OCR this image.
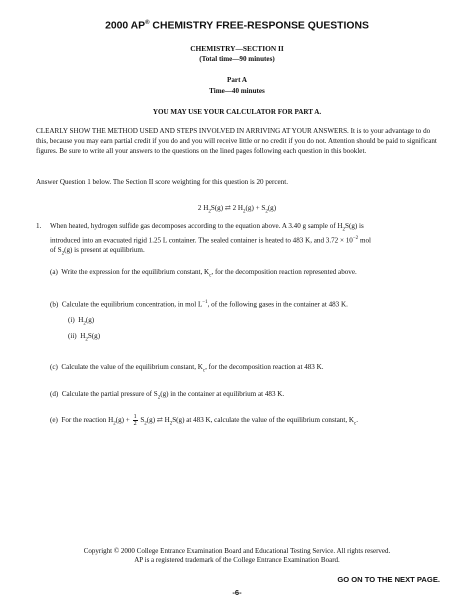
2000 AP® CHEMISTRY FREE-RESPONSE QUESTIONS
CHEMISTRY—SECTION II
(Total time—90 minutes)
Part A
Time—40 minutes
YOU MAY USE YOUR CALCULATOR FOR PART A.
CLEARLY SHOW THE METHOD USED AND STEPS INVOLVED IN ARRIVING AT YOUR ANSWERS. It is to your advantage to do this, because you may earn partial credit if you do and you will receive little or no credit if you do not. Attention should be paid to significant figures. Be sure to write all your answers to the questions on the lined pages following each question in this booklet.
Answer Question 1 below. The Section II score weighting for this question is 20 percent.
2 $H_2S(g)$ ⇄ 2 $H_2(g) + S_2(g)$
1. When heated, hydrogen sulfide gas decomposes according to the equation above. A 3.40 g sample of $H_2S(g)$ is
introduced into an evacuated rigid 1.25 L container. The sealed container is heated to 483 K, and $3.72 \times 10^{-2}$ mol
of $S_2(g)$ is present at equilibrium.
(a) Write the expression for the equilibrium constant, $K_c$, for the decomposition reaction represented above.
(b) Calculate the equilibrium concentration, in mol $L^{-1}$, of the following gases in the container at 483 K.
(i) $H_2(g)$
(ii) $H_2S(g)$
(c) Calculate the value of the equilibrium constant, $K_c$, for the decomposition reaction at 483 K.
(d) Calculate the partial pressure of $S_2(g)$ in the container at equilibrium at 483 K.
(e) For the reaction $H_2(g) + \frac{1}{2} S_2(g)$ ⇄ $H_2S(g)$ at 483 K, calculate the value of the equilibrium constant, $K_c$.
Copyright © 2000 College Entrance Examination Board and Educational Testing Service. All rights reserved.
AP is a registered trademark of the College Entrance Examination Board.
GO ON TO THE NEXT PAGE.
-6-
